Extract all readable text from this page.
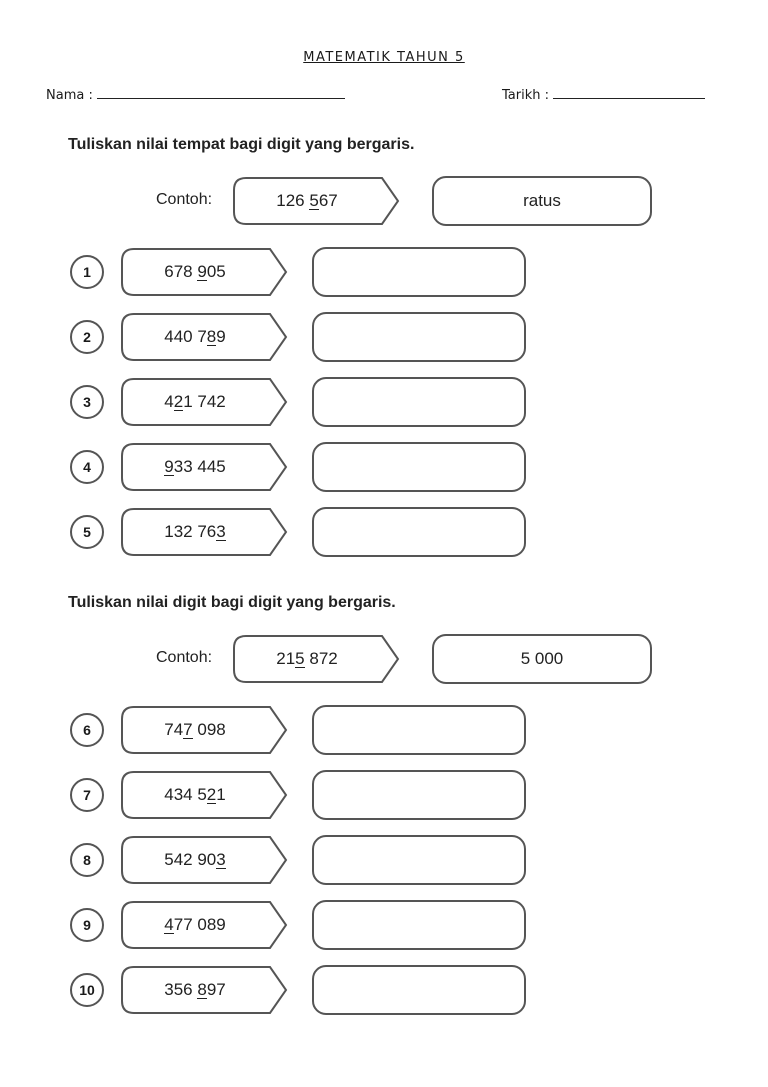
MATEMATIK TAHUN 5
Nama :	Tarikh :
Tuliskan nilai tempat bagi digit yang bergaris.
Tuliskan nilai digit bagi digit yang bergaris.
Contoh:	126 5 67	ratus
1	678 9 05
2	440 7 8 9
3	4 2 1 742
4	9 33 445
5	132 76 3
Contoh:	21 5 872	5 000
6	74 7 098
7	434 5 2 1
8	542 90 3
9	4 77 089
10	356 8 97
